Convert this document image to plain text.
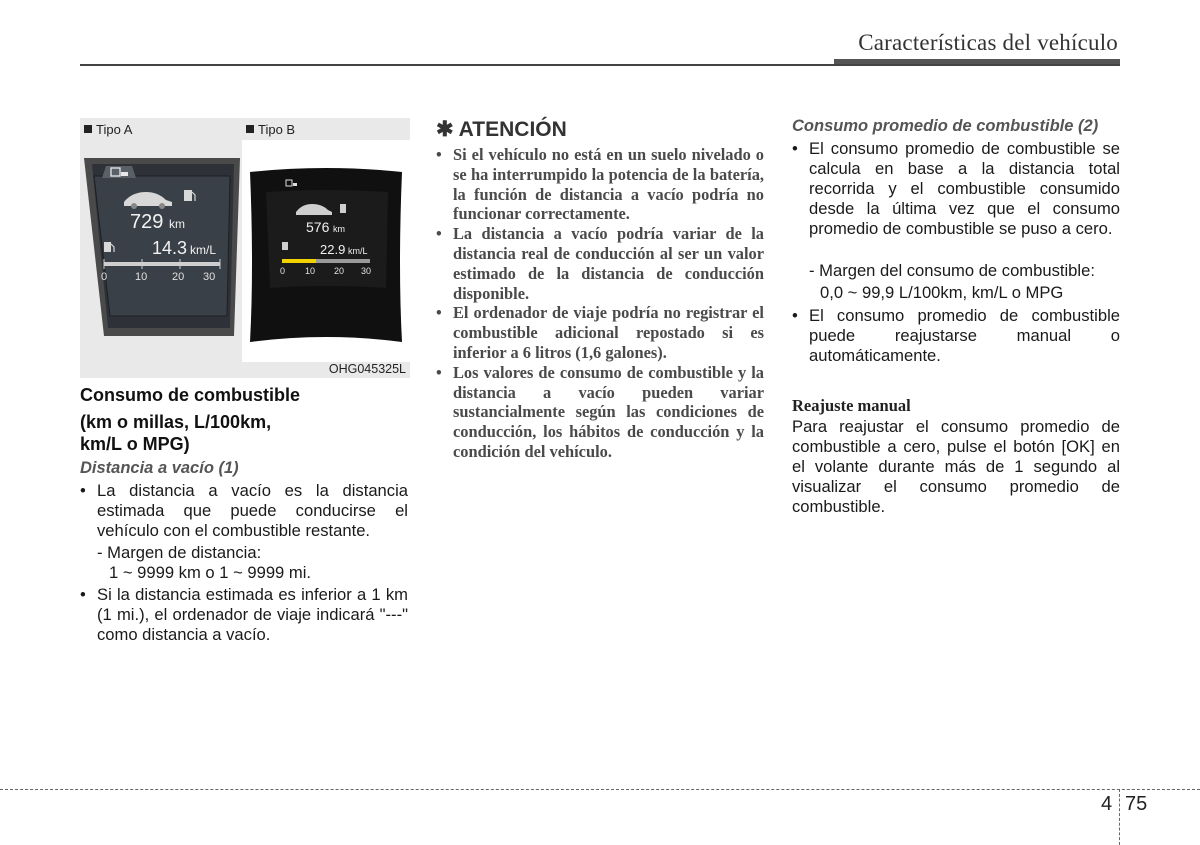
Características del vehículo
729 km
14.3 km/L
0	10 20 30
576 km
22.9 km/L
0 10 20 30
Tipo A	Tipo B
OHG045325L
Consumo de combustible
(km o millas, L/100km,
km/L o MPG)
Distancia a vacío (1)
• La distancia a vacío es la distancia estimada que puede conducirse el vehículo con el combustible restante.
- Margen de distancia:
1 ~ 9999 km o 1 ~ 9999 mi.
• Si la distancia estimada es inferior a 1 km (1 mi.), el ordenador de viaje indicará "---" como distancia a vacío.
✱ ATENCIÓN
• Si el vehículo no está en un suelo nivelado o se ha interrumpido la potencia de la batería, la función de distancia a vacío podría no funcionar correctamente.
• La distancia a vacío podría variar de la distancia real de conducción al ser un valor estimado de la distancia de conducción disponible.
• El ordenador de viaje podría no registrar el combustible adicional repostado si es inferior a 6 litros (1,6 galones).
• Los valores de consumo de combustible y la distancia a vacío pueden variar sustancialmente según las condiciones de conducción, los hábitos de conducción y la condición del vehículo.
Consumo promedio de combustible (2)
• El consumo promedio de combustible se calcula en base a la distancia total recorrida y el combustible consumido desde la última vez que el consumo promedio de combustible se puso a cero.
- Margen del consumo de combustible:
0,0 ~ 99,9 L/100km, km/L o MPG
• El consumo promedio de combustible puede reajustarse manual o automáticamente.
Reajuste manual
Para reajustar el consumo promedio de combustible a cero, pulse el botón [OK] en el volante durante más de 1 segundo al visualizar el consumo promedio de combustible.
4 75
